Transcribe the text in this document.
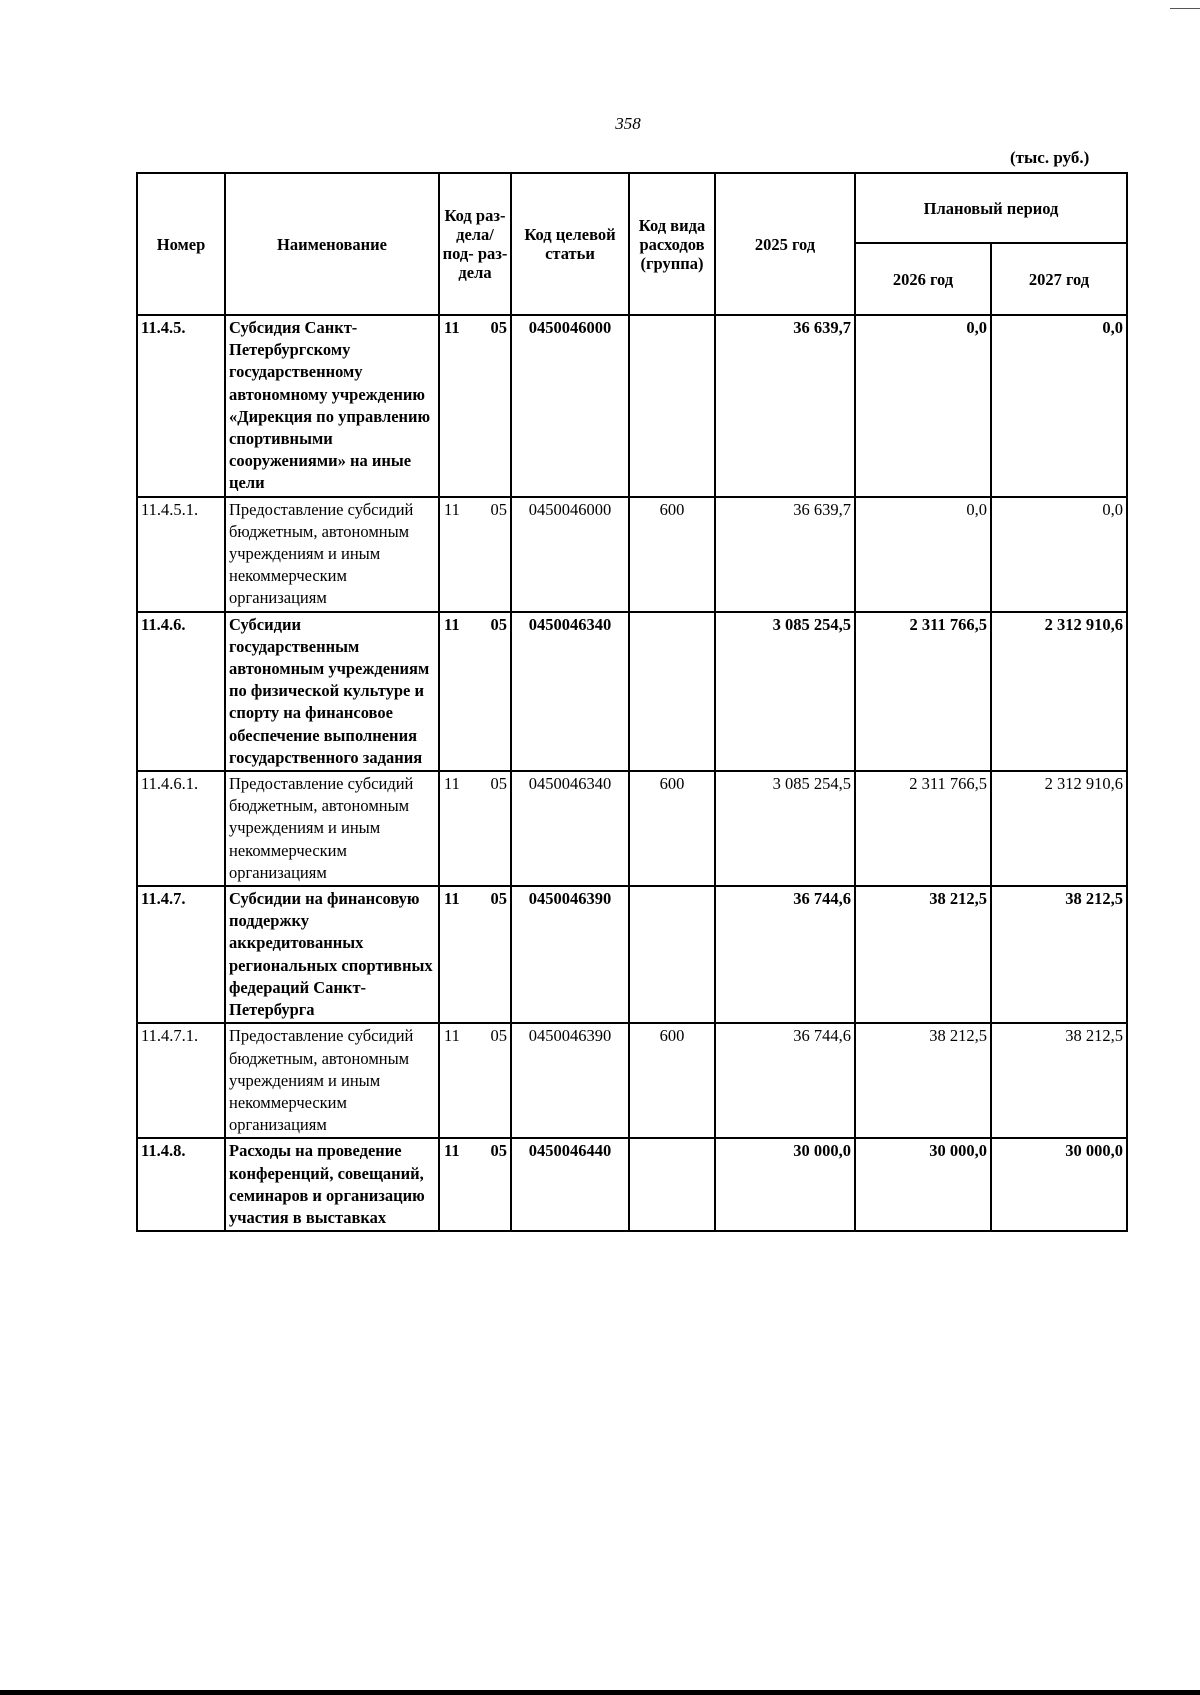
358
(тыс. руб.)
Номер	Наименование	Код раз- дела/ под- раз- дела	Код целевой статьи	Код вида расходов (группа)	2025 год	Плановый период	
						2026 год	2027 год
11.4.5.	Субсидия Санкт-Петербургскому государственному автономному учреждению «Дирекция по управлению спортивными сооружениями» на иные цели	11 05	0450046000		36 639,7	0,0	0,0
11.4.5.1.	Предоставление субсидий бюджетным, автономным учреждениям и иным некоммерческим организациям	11 05	0450046000	600	36 639,7	0,0	0,0
11.4.6.	Субсидии государственным автономным учреждениям по физической культуре и спорту на финансовое обеспечение выполнения государственного задания	11 05	0450046340		3 085 254,5	2 311 766,5	2 312 910,6
11.4.6.1.	Предоставление субсидий бюджетным, автономным учреждениям и иным некоммерческим организациям	11 05	0450046340	600	3 085 254,5	2 311 766,5	2 312 910,6
11.4.7.	Субсидии на финансовую поддержку аккредитованных региональных спортивных федераций Санкт-Петербурга	11 05	0450046390		36 744,6	38 212,5	38 212,5
11.4.7.1.	Предоставление субсидий бюджетным, автономным учреждениям и иным некоммерческим организациям	11 05	0450046390	600	36 744,6	38 212,5	38 212,5
11.4.8.	Расходы на проведение конференций, совещаний, семинаров и организацию участия в выставках	11 05	0450046440		30 000,0	30 000,0	30 000,0
